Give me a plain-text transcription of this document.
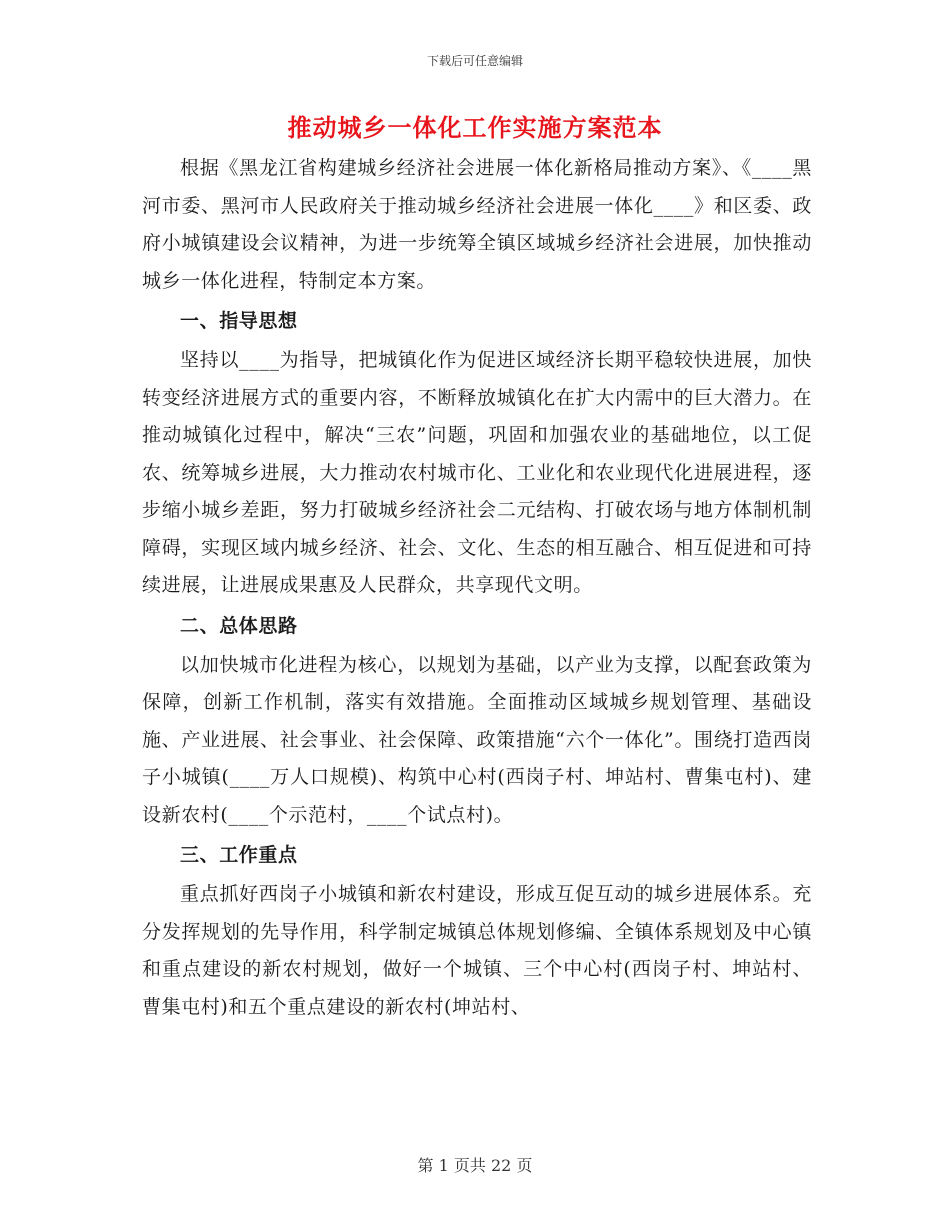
下载后可任意编辑
推动城乡一体化工作实施方案范本

根据《黑龙江省构建城乡经济社会进展一体化新格局推动方案》、《____黑河市委、黑河市人民政府关于推动城乡经济社会进展一体化____》和区委、政府小城镇建设会议精神，为进一步统筹全镇区域城乡经济社会进展，加快推动城乡一体化进程，特制定本方案。

一、指导思想

坚持以____为指导，把城镇化作为促进区域经济长期平稳较快进展，加快转变经济进展方式的重要内容，不断释放城镇化在扩大内需中的巨大潜力。在推动城镇化过程中，解决“三农”问题，巩固和加强农业的基础地位，以工促农、统筹城乡进展，大力推动农村城市化、工业化和农业现代化进展进程，逐步缩小城乡差距，努力打破城乡经济社会二元结构、打破农场与地方体制机制障碍，实现区域内城乡经济、社会、文化、生态的相互融合、相互促进和可持续进展，让进展成果惠及人民群众，共享现代文明。

二、总体思路

以加快城市化进程为核心，以规划为基础，以产业为支撑，以配套政策为保障，创新工作机制，落实有效措施。全面推动区域城乡规划管理、基础设施、产业进展、社会事业、社会保障、政策措施“六个一体化”。围绕打造西岗子小城镇(____万人口规模)、构筑中心村(西岗子村、坤站村、曹集屯村)、建设新农村(____个示范村，____个试点村)。

三、工作重点

重点抓好西岗子小城镇和新农村建设，形成互促互动的城乡进展体系。充分发挥规划的先导作用，科学制定城镇总体规划修编、全镇体系规划及中心镇和重点建设的新农村规划，做好一个城镇、三个中心村(西岗子村、坤站村、曹集屯村)和五个重点建设的新农村(坤站村、

第 1 页共 22 页
